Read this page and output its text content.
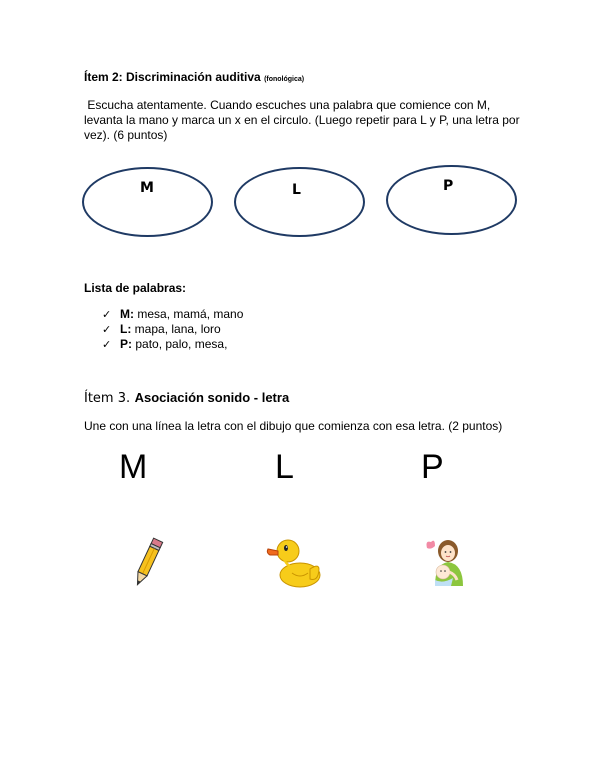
Ítem 2: Discriminación auditiva (fonológica)
Escucha atentamente. Cuando escuches una palabra que comience con M,
levanta la mano y marca un x en el circulo. (Luego repetir para L y P, una letra por
vez). (6 puntos)
M	L	P
Lista de palabras:
✓ M: mesa, mamá, mano
✓ L: mapa, lana, loro
✓ P: pato, palo, mesa,
Ítem 3. Asociación sonido - letra
Une con una línea la letra con el dibujo que comienza con esa letra. (2 puntos)
M	L	P
